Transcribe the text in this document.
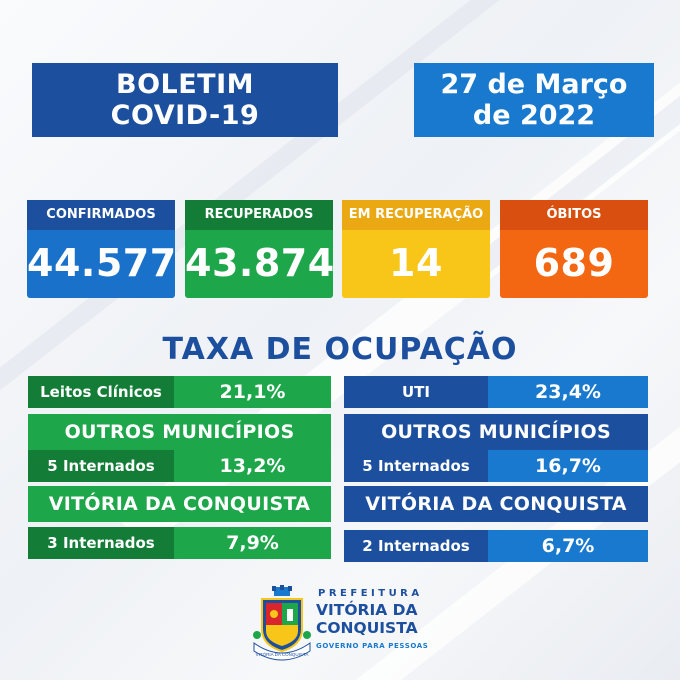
BOLETIM
COVID-19
27 de Março
de 2022
CONFIRMADOS
44.577
RECUPERADOS
43.874
EM RECUPERAÇÃO
14
ÓBITOS
689
TAXA DE OCUPAÇÃO
Leitos Clínicos	21,1%
OUTROS MUNICÍPIOS
5 Internados	13,2%
VITÓRIA DA CONQUISTA
3 Internados	7,9%
UTI	23,4%
OUTROS MUNICÍPIOS
5 Internados	16,7%
VITÓRIA DA CONQUISTA
2 Internados	6,7%
VITÓRIA DA CONQUISTA
PREFEITURA
VITÓRIA DA
CONQUISTA
GOVERNO PARA PESSOAS
